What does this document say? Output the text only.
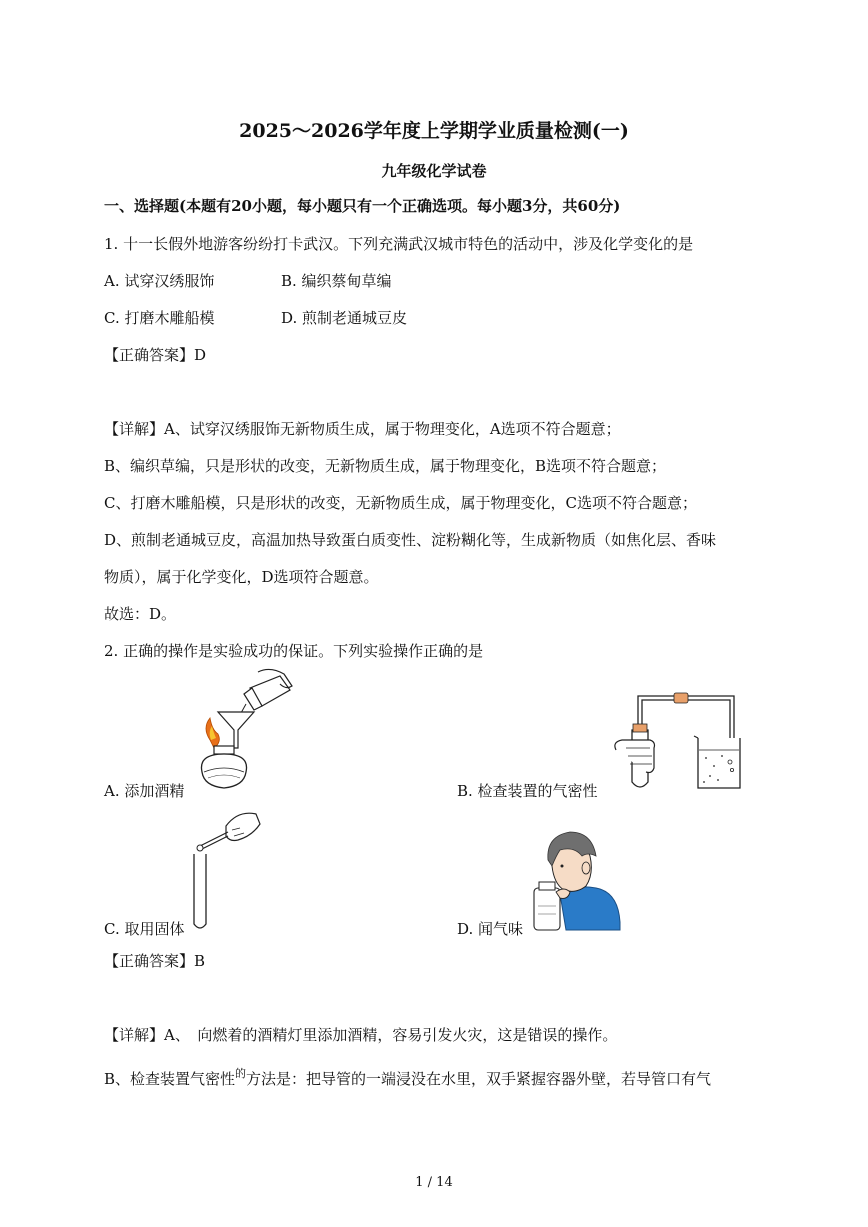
2025～2026学年度上学期学业质量检测(一)
九年级化学试卷
一、选择题(本题有20小题，每小题只有一个正确选项。每小题3分，共60分)
1. 十一长假外地游客纷纷打卡武汉。下列充满武汉城市特色的活动中，涉及化学变化的是
A. 试穿汉绣服饰	B. 编织蔡甸草编
C. 打磨木雕船模	D. 煎制老通城豆皮
【正确答案】D
【详解】A、试穿汉绣服饰无新物质生成，属于物理变化，A选项不符合题意；
B、编织草编，只是形状的改变，无新物质生成，属于物理变化，B选项不符合题意；
C、打磨木雕船模，只是形状的改变，无新物质生成，属于物理变化，C选项不符合题意；
D、煎制老通城豆皮，高温加热导致蛋白质变性、淀粉糊化等，生成新物质（如焦化层、香味
物质），属于化学变化，D选项符合题意。
故选：D。
2. 正确的操作是实验成功的保证。下列实验操作正确的是
A. 添加酒精	B. 检查装置的气密性
C. 取用固体	D. 闻气味
【正确答案】B
【详解】A、　向燃着的酒精灯里添加酒精，容易引发火灾，这是错误的操作。
B、检查装置气密性$^的$方法是：把导管的一端浸没在水里，双手紧握容器外壁，若导管口有气
1 / 14
